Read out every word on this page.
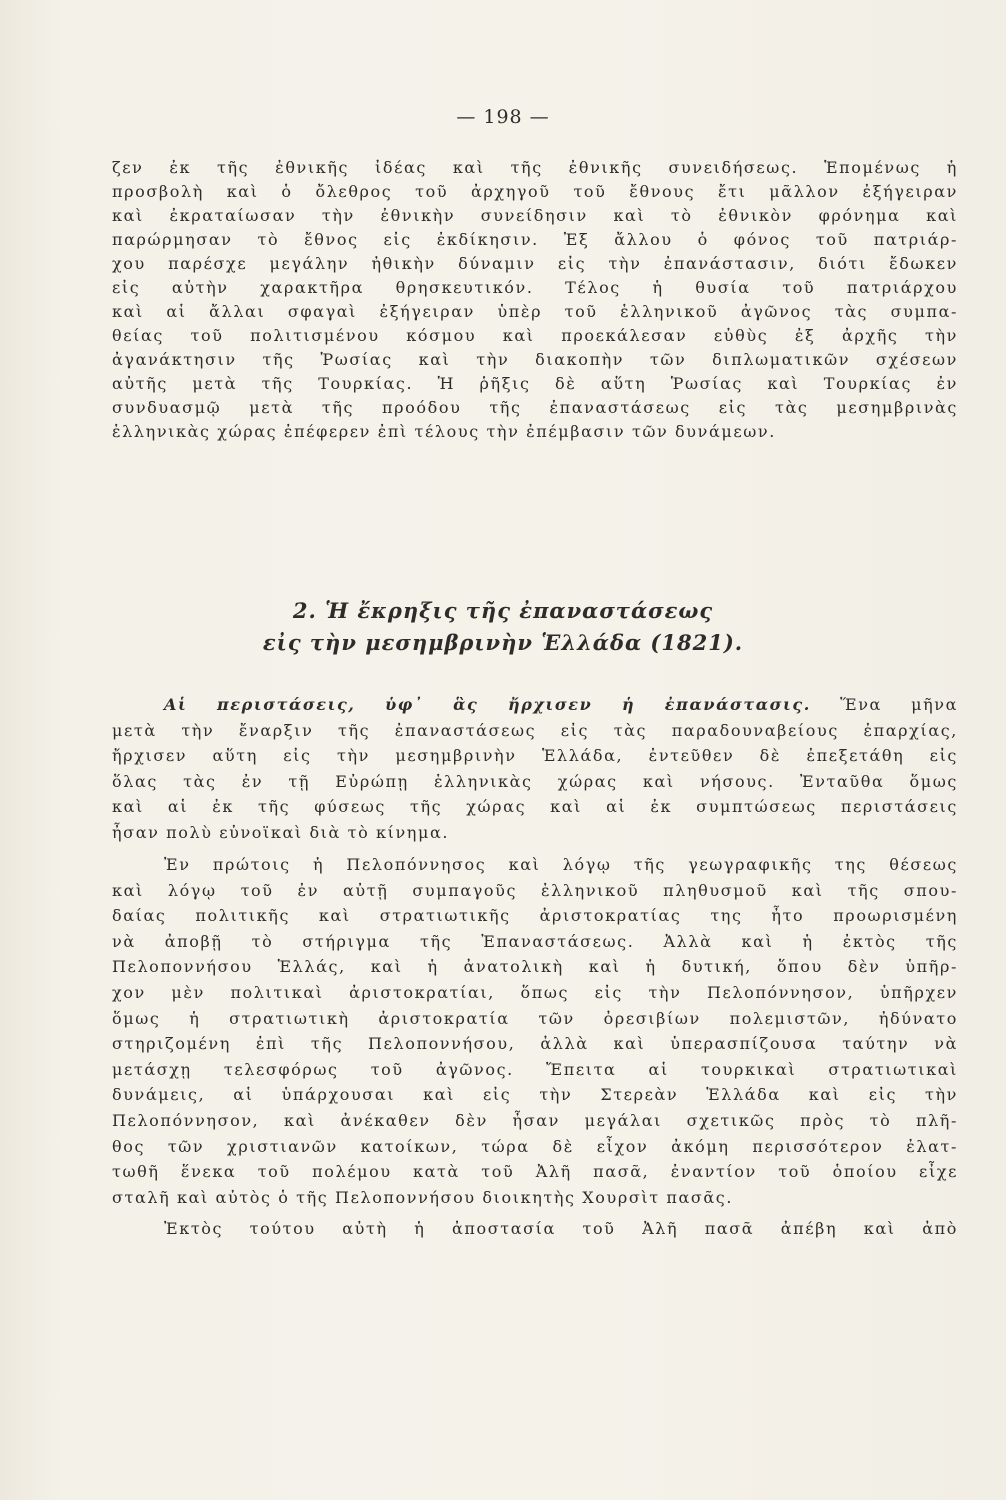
— 198 —
ζεν ἐκ τῆς ἐθνικῆς ἰδέας καὶ τῆς ἐθνικῆς συνειδήσεως. Ἑπομένως ἡ
προσβολὴ καὶ ὁ ὄλεθρος τοῦ ἀρχηγοῦ τοῦ ἔθνους ἔτι μᾶλλον ἐξήγειραν
καὶ ἐκραταίωσαν τὴν ἐθνικὴν συνείδησιν καὶ τὸ ἐθνικὸν φρόνημα καὶ
παρώρμησαν τὸ ἔθνος εἰς ἐκδίκησιν. Ἐξ ἄλλου ὁ φόνος τοῦ πατριάρ-
χου παρέσχε μεγάλην ἠθικὴν δύναμιν εἰς τὴν ἐπανάστασιν, διότι ἔδωκεν
εἰς αὐτὴν χαρακτῆρα θρησκευτικόν. Τέλος ἡ θυσία τοῦ πατριάρχου
καὶ αἱ ἄλλαι σφαγαὶ ἐξήγειραν ὑπὲρ τοῦ ἑλληνικοῦ ἀγῶνος τὰς συμπα-
θείας τοῦ πολιτισμένου κόσμου καὶ προεκάλεσαν εὐθὺς ἐξ ἀρχῆς τὴν
ἀγανάκτησιν τῆς Ῥωσίας καὶ τὴν διακοπὴν τῶν διπλωματικῶν σχέσεων
αὐτῆς μετὰ τῆς Τουρκίας. Ἡ ῥῆξις δὲ αὕτη Ῥωσίας καὶ Τουρκίας ἐν
συνδυασμῷ μετὰ τῆς προόδου τῆς ἐπαναστάσεως εἰς τὰς μεσημβρινὰς
ἑλληνικὰς χώρας ἐπέφερεν ἐπὶ τέλους τὴν ἐπέμβασιν τῶν δυνάμεων.
2. Ἡ ἔκρηξις τῆς ἐπαναστάσεως
εἰς τὴν μεσημβρινὴν Ἑλλάδα (1821).
Αἱ περιστάσεις, ὑφ᾽ ἃς ἤρχισεν ἡ ἐπανάστασις. Ἕνα μῆνα
μετὰ τὴν ἔναρξιν τῆς ἐπαναστάσεως εἰς τὰς παραδουναβείους ἐπαρχίας,
ἤρχισεν αὕτη εἰς τὴν μεσημβρινὴν Ἑλλάδα, ἐντεῦθεν δὲ ἐπεξετάθη εἰς
ὅλας τὰς ἐν τῇ Εὐρώπῃ ἑλληνικὰς χώρας καὶ νήσους. Ἐνταῦθα ὅμως
καὶ αἱ ἐκ τῆς φύσεως τῆς χώρας καὶ αἱ ἐκ συμπτώσεως περιστάσεις
ἦσαν πολὺ εὐνοϊκαὶ διὰ τὸ κίνημα.
Ἐν πρώτοις ἡ Πελοπόννησος καὶ λόγῳ τῆς γεωγραφικῆς της θέσεως
καὶ λόγῳ τοῦ ἐν αὐτῇ συμπαγοῦς ἑλληνικοῦ πληθυσμοῦ καὶ τῆς σπου-
δαίας πολιτικῆς καὶ στρατιωτικῆς ἀριστοκρατίας της ἦτο προωρισμένη
νὰ ἀποβῇ τὸ στήριγμα τῆς Ἐπαναστάσεως. Ἀλλὰ καὶ ἡ ἐκτὸς τῆς
Πελοποννήσου Ἑλλάς, καὶ ἡ ἀνατολικὴ καὶ ἡ δυτική, ὅπου δὲν ὑπῆρ-
χον μὲν πολιτικαὶ ἀριστοκρατίαι, ὅπως εἰς τὴν Πελοπόννησον, ὑπῆρχεν
ὅμως ἡ στρατιωτικὴ ἀριστοκρατία τῶν ὀρεσιβίων πολεμιστῶν, ἠδύνατο
στηριζομένη ἐπὶ τῆς Πελοποννήσου, ἀλλὰ καὶ ὑπερασπίζουσα ταύτην νὰ
μετάσχῃ τελεσφόρως τοῦ ἀγῶνος. Ἔπειτα αἱ τουρκικαὶ στρατιωτικαὶ
δυνάμεις, αἱ ὑπάρχουσαι καὶ εἰς τὴν Στερεὰν Ἑλλάδα καὶ εἰς τὴν
Πελοπόννησον, καὶ ἀνέκαθεν δὲν ἦσαν μεγάλαι σχετικῶς πρὸς τὸ πλῆ-
θος τῶν χριστιανῶν κατοίκων, τώρα δὲ εἶχον ἀκόμη περισσότερον ἐλατ-
τωθῆ ἕνεκα τοῦ πολέμου κατὰ τοῦ Ἀλῆ πασᾶ, ἐναντίον τοῦ ὁποίου εἶχε
σταλῆ καὶ αὐτὸς ὁ τῆς Πελοποννήσου διοικητὴς Χουρσὶτ πασᾶς.
Ἐκτὸς τούτου αὐτὴ ἡ ἀποστασία τοῦ Ἀλῆ πασᾶ ἀπέβη καὶ ἀπὸ
